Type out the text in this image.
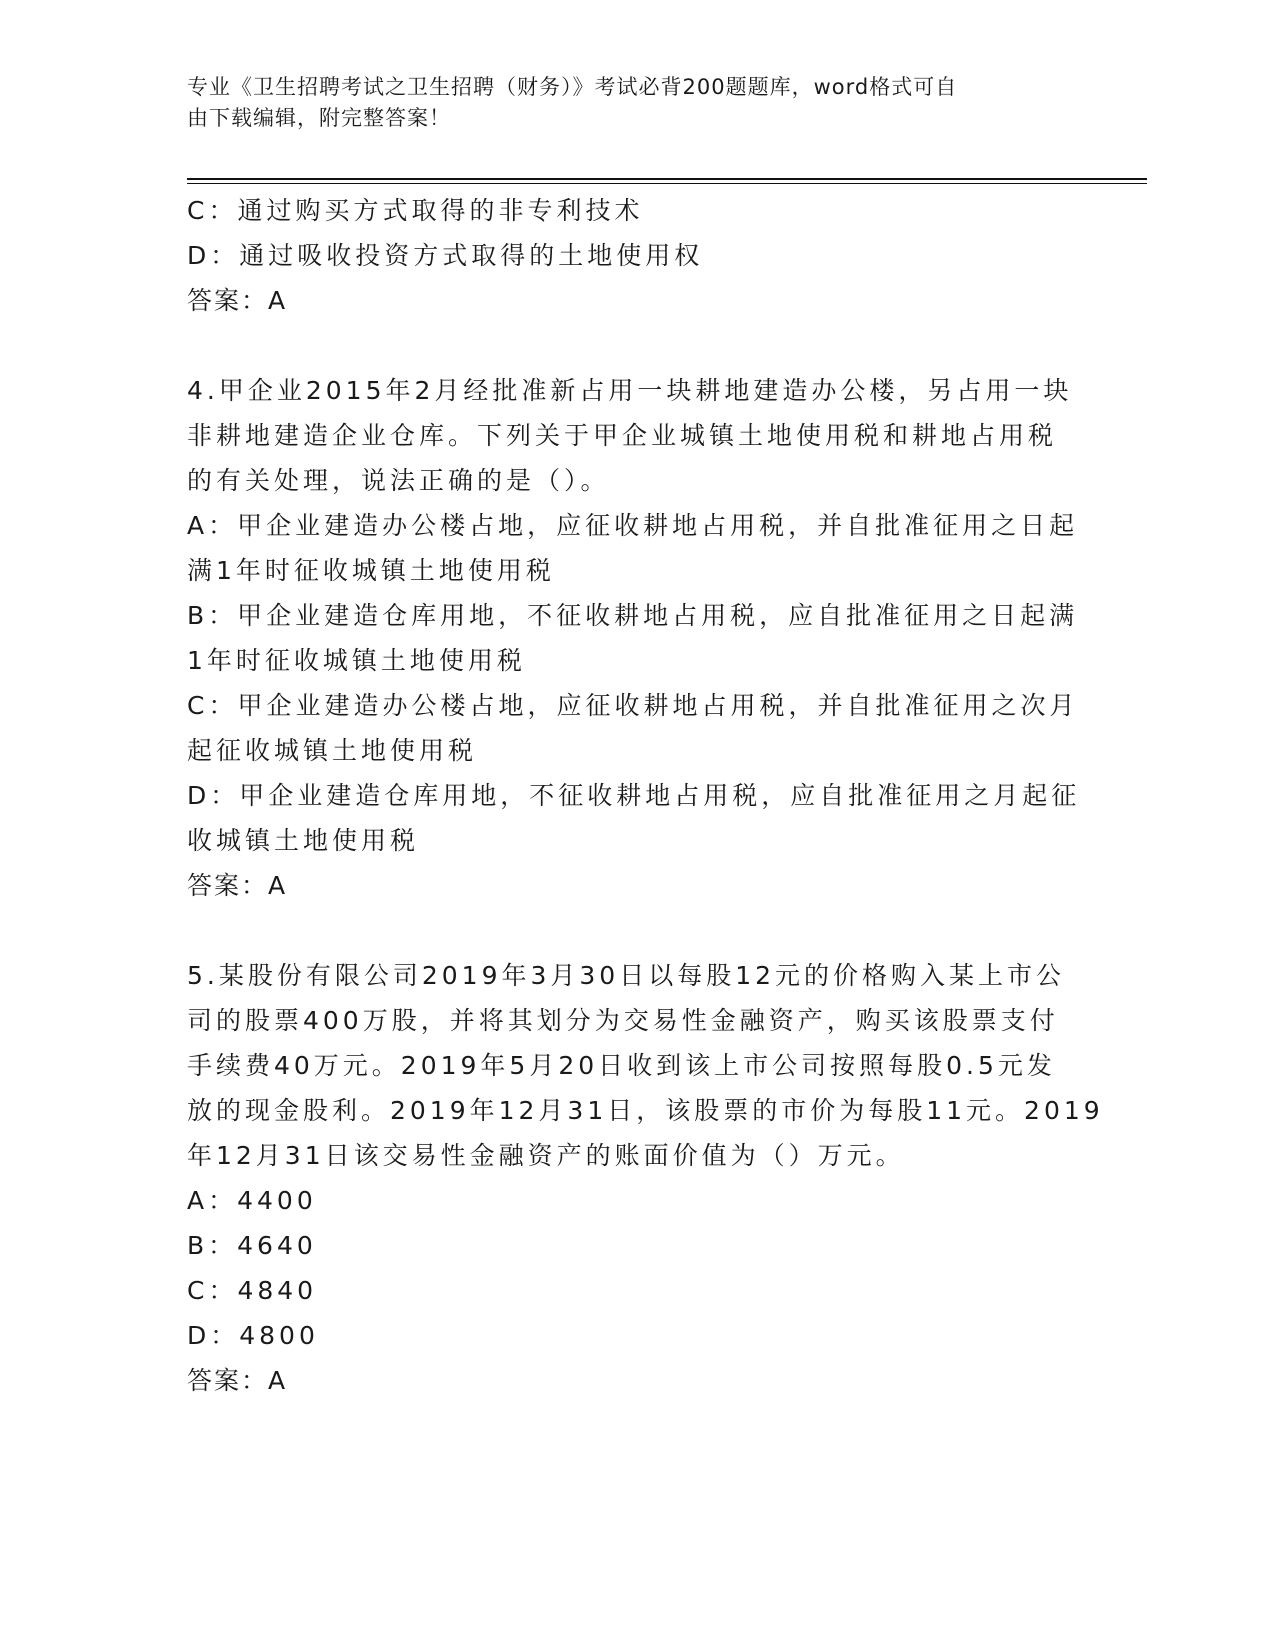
专业《卫生招聘考试之卫生招聘（财务）》考试必背200题题库，word格式可自
由下载编辑，附完整答案！
C：通过购买方式取得的非专利技术
D：通过吸收投资方式取得的土地使用权
答案：A
4.甲企业2015年2月经批准新占用一块耕地建造办公楼，另占用一块
非耕地建造企业仓库。下列关于甲企业城镇土地使用税和耕地占用税
的有关处理，说法正确的是（）。
A：甲企业建造办公楼占地，应征收耕地占用税，并自批准征用之日起
满1年时征收城镇土地使用税
B：甲企业建造仓库用地，不征收耕地占用税，应自批准征用之日起满
1年时征收城镇土地使用税
C：甲企业建造办公楼占地，应征收耕地占用税，并自批准征用之次月
起征收城镇土地使用税
D：甲企业建造仓库用地，不征收耕地占用税，应自批准征用之月起征
收城镇土地使用税
答案：A
5.某股份有限公司2019年3月30日以每股12元的价格购入某上市公
司的股票400万股，并将其划分为交易性金融资产，购买该股票支付
手续费40万元。2019年5月20日收到该上市公司按照每股0.5元发
放的现金股利。2019年12月31日，该股票的市价为每股11元。2019
年12月31日该交易性金融资产的账面价值为（）万元。
A：4400
B：4640
C：4840
D：4800
答案：A
